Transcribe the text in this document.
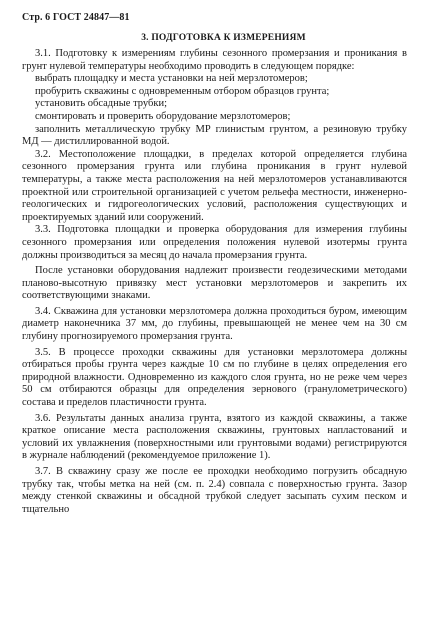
Стр. 6 ГОСТ 24847—81
3. ПОДГОТОВКА К ИЗМЕРЕНИЯМ

3.1. Подготовку к измерениям глубины сезонного промерзания и проникания в грунт нулевой температуры необходимо проводить в следующем порядке:

выбрать площадку и места установки на ней мерзлотомеров;

пробурить скважины с одновременным отбором образцов грунта;

установить обсадные трубки;

смонтировать и проверить оборудование мерзлотомеров;

заполнить металлическую трубку МР глинистым грунтом, а резиновую трубку МД — дистиллированной водой.

3.2. Местоположение площадки, в пределах которой определяется глубина сезонного промерзания грунта или глубина проникания в грунт нулевой температуры, а также места расположения на ней мерзлотомеров устанавливаются проектной или строительной организацией с учетом рельефа местности, инженерно-геологических и гидрогеологических условий, расположения существующих и проектируемых зданий или сооружений.

3.3. Подготовка площадки и проверка оборудования для измерения глубины сезонного промерзания или определения положения нулевой изотермы грунта должны производиться за месяц до начала промерзания грунта.

После установки оборудования надлежит произвести геодезическими методами планово-высотную привязку мест установки мерзлотомеров и закрепить их соответствующими знаками.

3.4. Скважина для установки мерзлотомера должна проходиться буром, имеющим диаметр наконечника 37 мм, до глубины, превышающей не менее чем на 30 см глубину прогнозируемого промерзания грунта.

3.5. В процессе проходки скважины для установки мерзлотомера должны отбираться пробы грунта через каждые 10 см по глубине в целях определения его природной влажности. Одновременно из каждого слоя грунта, но не реже чем через 50 см отбираются образцы для определения зернового (гранулометрического) состава и пределов пластичности грунта.

3.6. Результаты данных анализа грунта, взятого из каждой скважины, а также краткое описание места расположения скважины, грунтовых напластований и условий их увлажнения (поверхностными или грунтовыми водами) регистрируются в журнале наблюдений (рекомендуемое приложение 1).

3.7. В скважину сразу же после ее проходки необходимо погрузить обсадную трубку так, чтобы метка на ней (см. п. 2.4) совпала с поверхностью грунта. Зазор между стенкой скважины и обсадной трубкой следует засыпать сухим песком и тщательно
